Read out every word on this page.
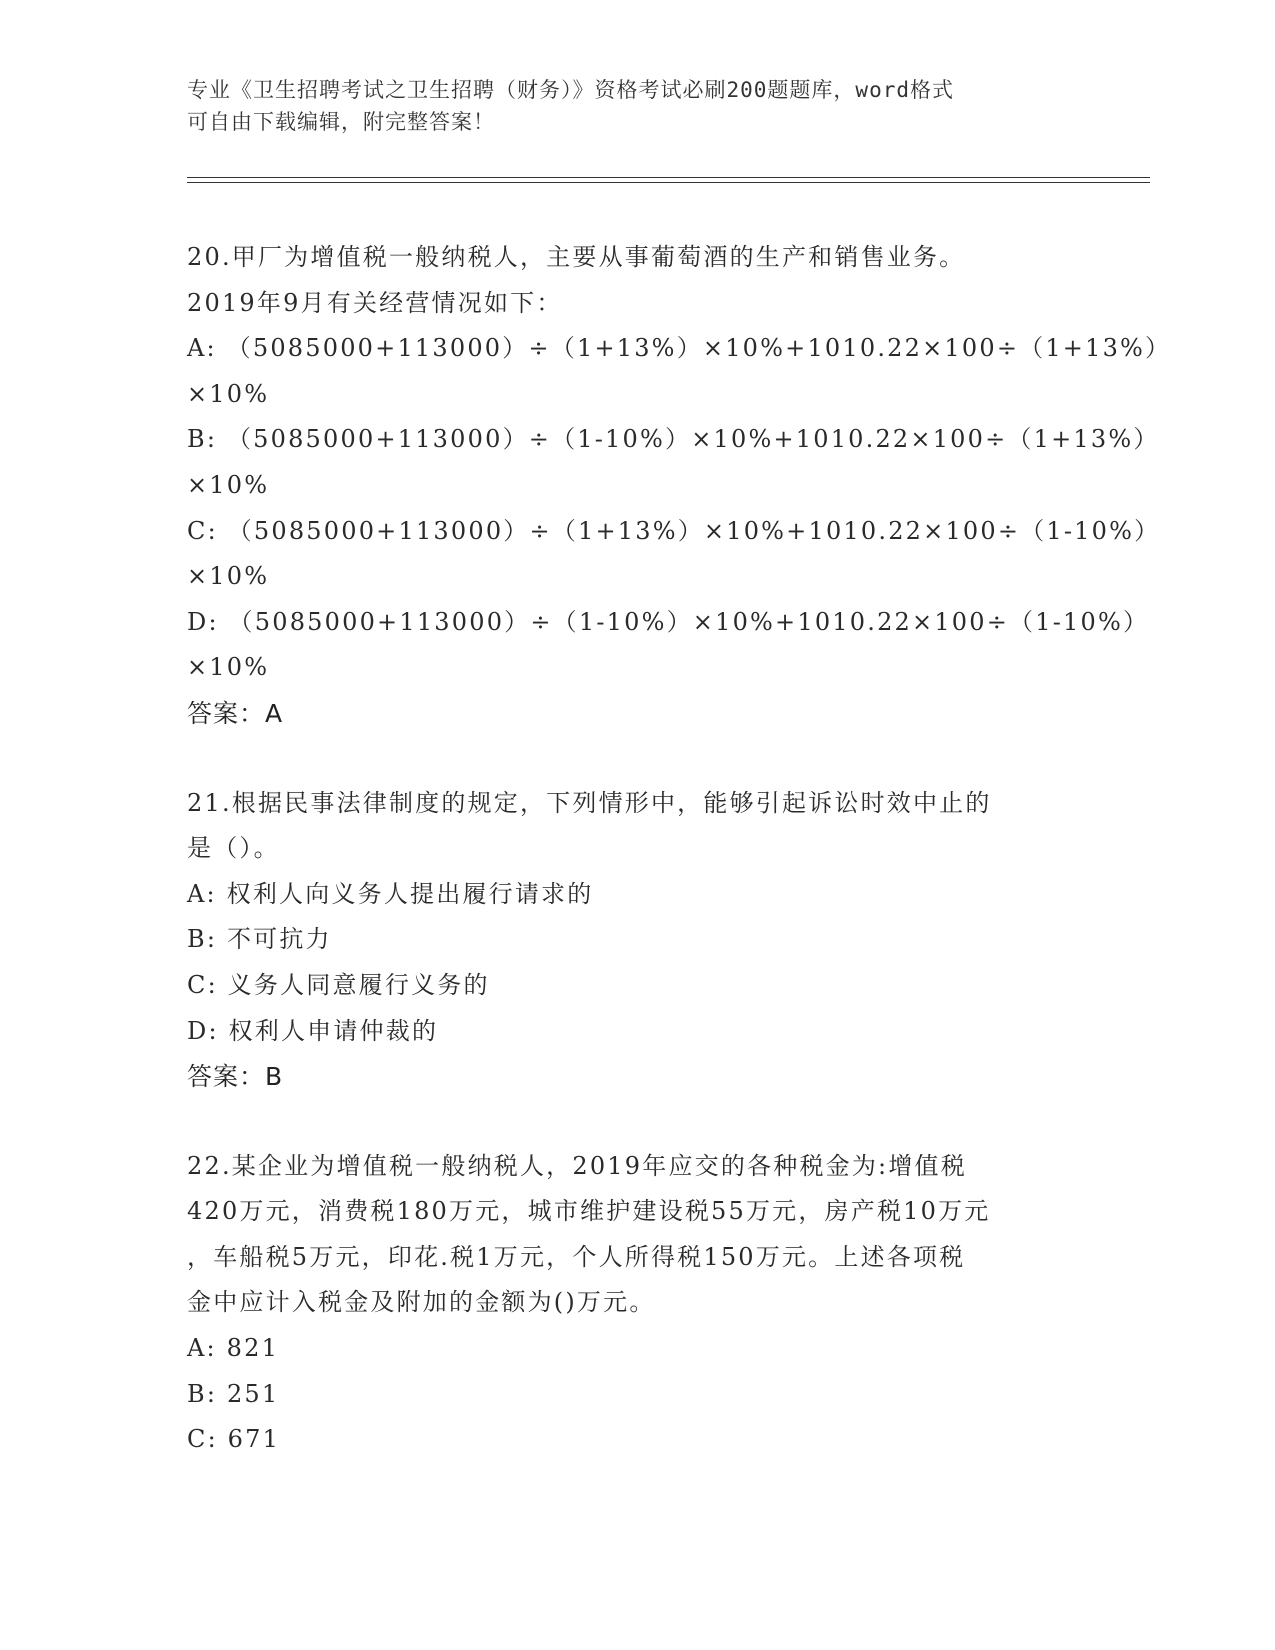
专业《卫生招聘考试之卫生招聘（财务）》资格考试必刷200题题库，word格式
可自由下载编辑，附完整答案！
20.甲厂为增值税一般纳税人，主要从事葡萄酒的生产和销售业务。
2019年9月有关经营情况如下：
A: （5085000+113000）÷（1+13%）×10%+1010.22×100÷（1+13%）
×10%
B: （5085000+113000）÷（1-10%）×10%+1010.22×100÷（1+13%）
×10%
C: （5085000+113000）÷（1+13%）×10%+1010.22×100÷（1-10%）
×10%
D: （5085000+113000）÷（1-10%）×10%+1010.22×100÷（1-10%）
×10%
答案：A
21.根据民事法律制度的规定，下列情形中，能够引起诉讼时效中止的
是（）。
A: 权利人向义务人提出履行请求的
B: 不可抗力
C: 义务人同意履行义务的
D: 权利人申请仲裁的
答案：B
22.某企业为增值税一般纳税人，2019年应交的各种税金为:增值税
420万元，消费税180万元，城市维护建设税55万元，房产税10万元
，车船税5万元，印花.税1万元，个人所得税150万元。上述各项税
金中应计入税金及附加的金额为()万元。
A: 821
B: 251
C: 671
